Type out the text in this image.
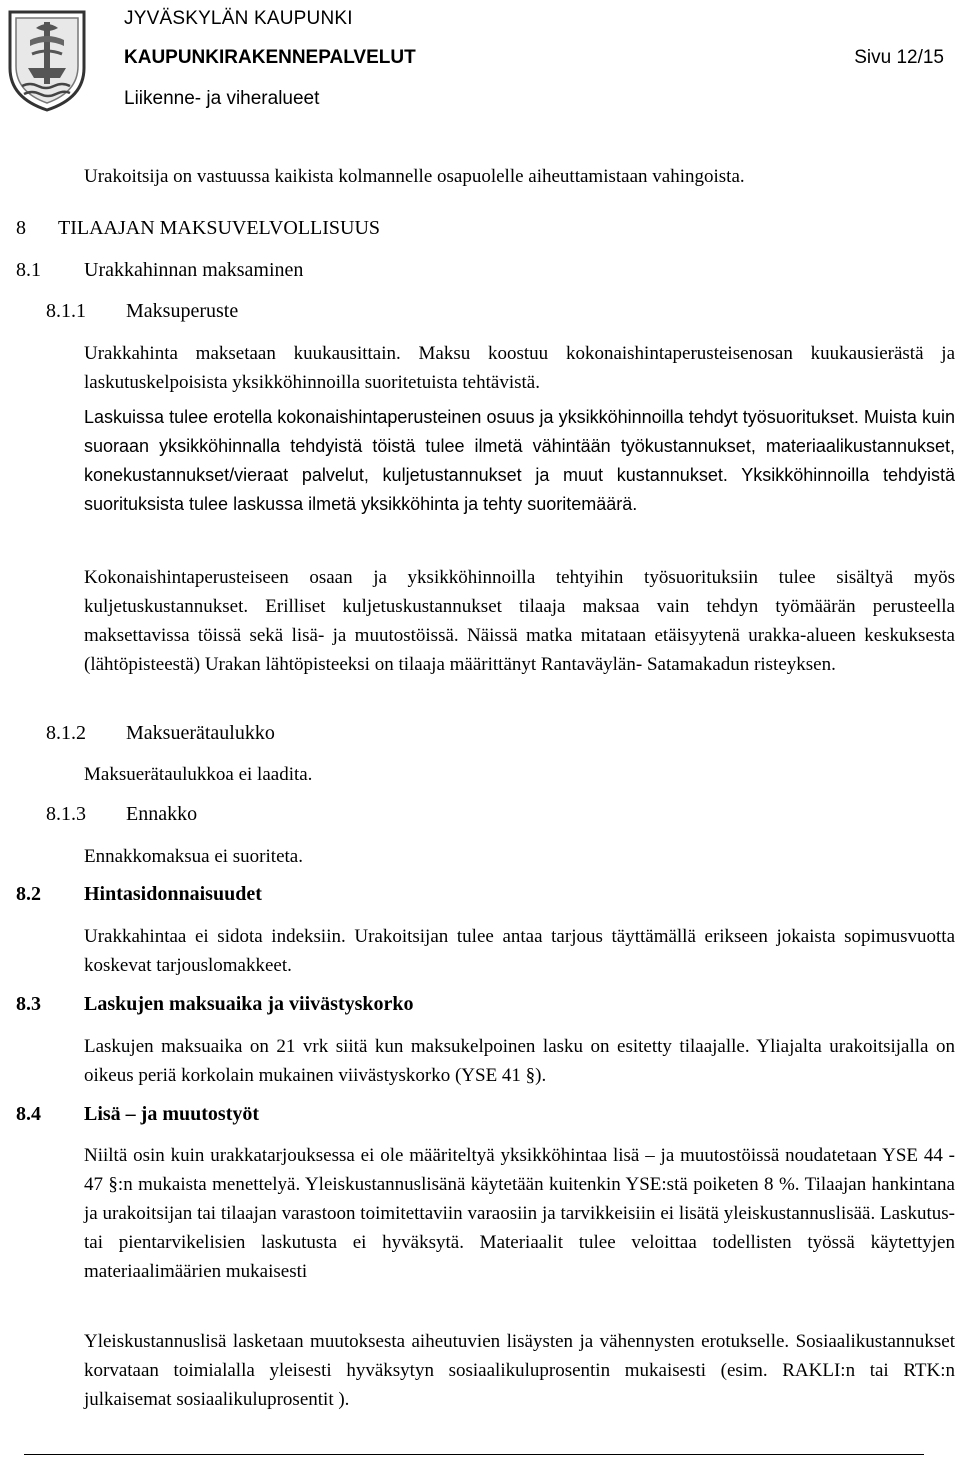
JYVÄSKYLÄN KAUPUNKI
KAUPUNKIRAKENNEPALVELUT
Liikenne- ja viheralueet
Sivu 12/15
Urakoitsija on vastuussa kaikista kolmannelle osapuolelle aiheuttamistaan vahingoista.
8 TILAAJAN MAKSUVELVOLLISUUS
8.1 Urakkahinnan maksaminen
8.1.1 Maksuperuste
Urakkahinta maksetaan kuukausittain. Maksu koostuu kokonaishintaperusteisenosan kuukausierästä ja laskutuskelpoisista yksikköhinnoilla suoritetuista tehtävistä.
Laskuissa tulee erotella kokonaishintaperusteinen osuus ja yksikköhinnoilla tehdyt työsuoritukset. Muista kuin suoraan yksikköhinnalla tehdyistä töistä tulee ilmetä vähintään työkustannukset, materiaalikustannukset, konekustannukset/vieraat palvelut, kuljetustannukset ja muut kustannukset. Yksikköhinnoilla tehdyistä suorituksista tulee laskussa ilmetä yksikköhinta ja tehty suoritemäärä.
Kokonaishintaperusteiseen osaan ja yksikköhinnoilla tehtyihin työsuorituksiin tulee sisältyä myös kuljetuskustannukset. Erilliset kuljetuskustannukset tilaaja maksaa vain tehdyn työmäärän perusteella maksettavissa töissä sekä lisä- ja muutostöissä. Näissä matka mitataan etäisyytenä urakka-alueen keskuksesta (lähtöpisteestä) Urakan lähtöpisteeksi on tilaaja määrittänyt Rantaväylän- Satamakadun risteyksen.
8.1.2 Maksuerätaulukko
Maksuerätaulukkoa ei laadita.
8.1.3 Ennakko
Ennakkomaksua ei suoriteta.
8.2 Hintasidonnaisuudet
Urakkahintaa ei sidota indeksiin. Urakoitsijan tulee antaa tarjous täyttämällä erikseen jokaista sopimusvuotta koskevat tarjouslomakkeet.
8.3 Laskujen maksuaika ja viivästyskorko
Laskujen maksuaika on 21 vrk siitä kun maksukelpoinen lasku on esitetty tilaajalle. Yliajalta urakoitsijalla on oikeus periä korkolain mukainen viivästyskorko (YSE 41 §).
8.4 Lisä – ja muutostyöt
Niiltä osin kuin urakkatarjouksessa ei ole määriteltyä yksikköhintaa lisä – ja muutostöissä noudatetaan YSE 44 - 47 §:n mukaista menettelyä. Yleiskustannuslisänä käytetään kuitenkin YSE:stä poiketen 8 %. Tilaajan hankintana ja urakoitsijan tai tilaajan varastoon toimitettaviin varaosiin ja tarvikkeisiin ei lisätä yleiskustannuslisää. Laskutus- tai pientarvikelisien laskutusta ei hyväksytä. Materiaalit tulee veloittaa todellisten työssä käytettyjen materiaalimäärien mukaisesti
Yleiskustannuslisä lasketaan muutoksesta aiheutuvien lisäysten ja vähennysten erotukselle. Sosiaalikustannukset korvataan toimialalla yleisesti hyväksytyn sosiaalikuluprosentin mukaisesti (esim. RAKLI:n tai RTK:n julkaisemat sosiaalikuluprosentit ).
